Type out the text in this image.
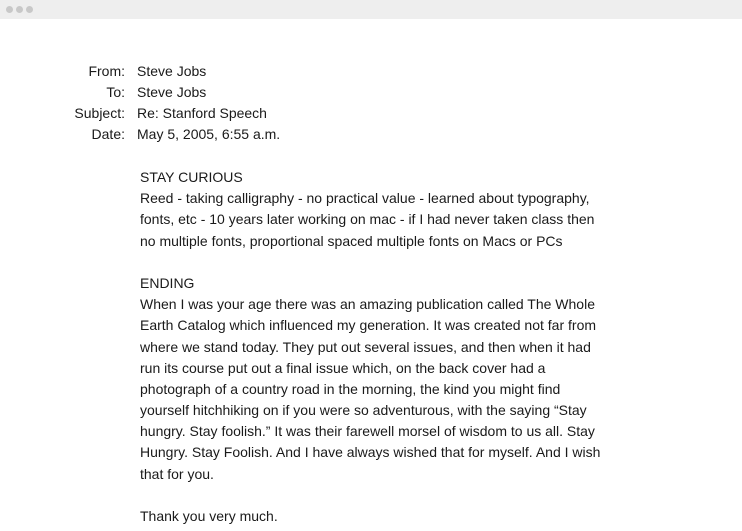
From: Steve Jobs
To: Steve Jobs
Subject: Re: Stanford Speech
Date: May 5, 2005, 6:55 a.m.
STAY CURIOUS
Reed - taking calligraphy - no practical value - learned about typography,
fonts, etc - 10 years later working on mac - if I had never taken class then
no multiple fonts, proportional spaced multiple fonts on Macs or PCs
ENDING
When I was your age there was an amazing publication called The Whole
Earth Catalog which influenced my generation. It was created not far from
where we stand today. They put out several issues, and then when it had
run its course put out a final issue which, on the back cover had a
photograph of a country road in the morning, the kind you might find
yourself hitchhiking on if you were so adventurous, with the saying “Stay
hungry. Stay foolish.” It was their farewell morsel of wisdom to us all. Stay
Hungry. Stay Foolish. And I have always wished that for myself. And I wish
that for you.
Thank you very much.
